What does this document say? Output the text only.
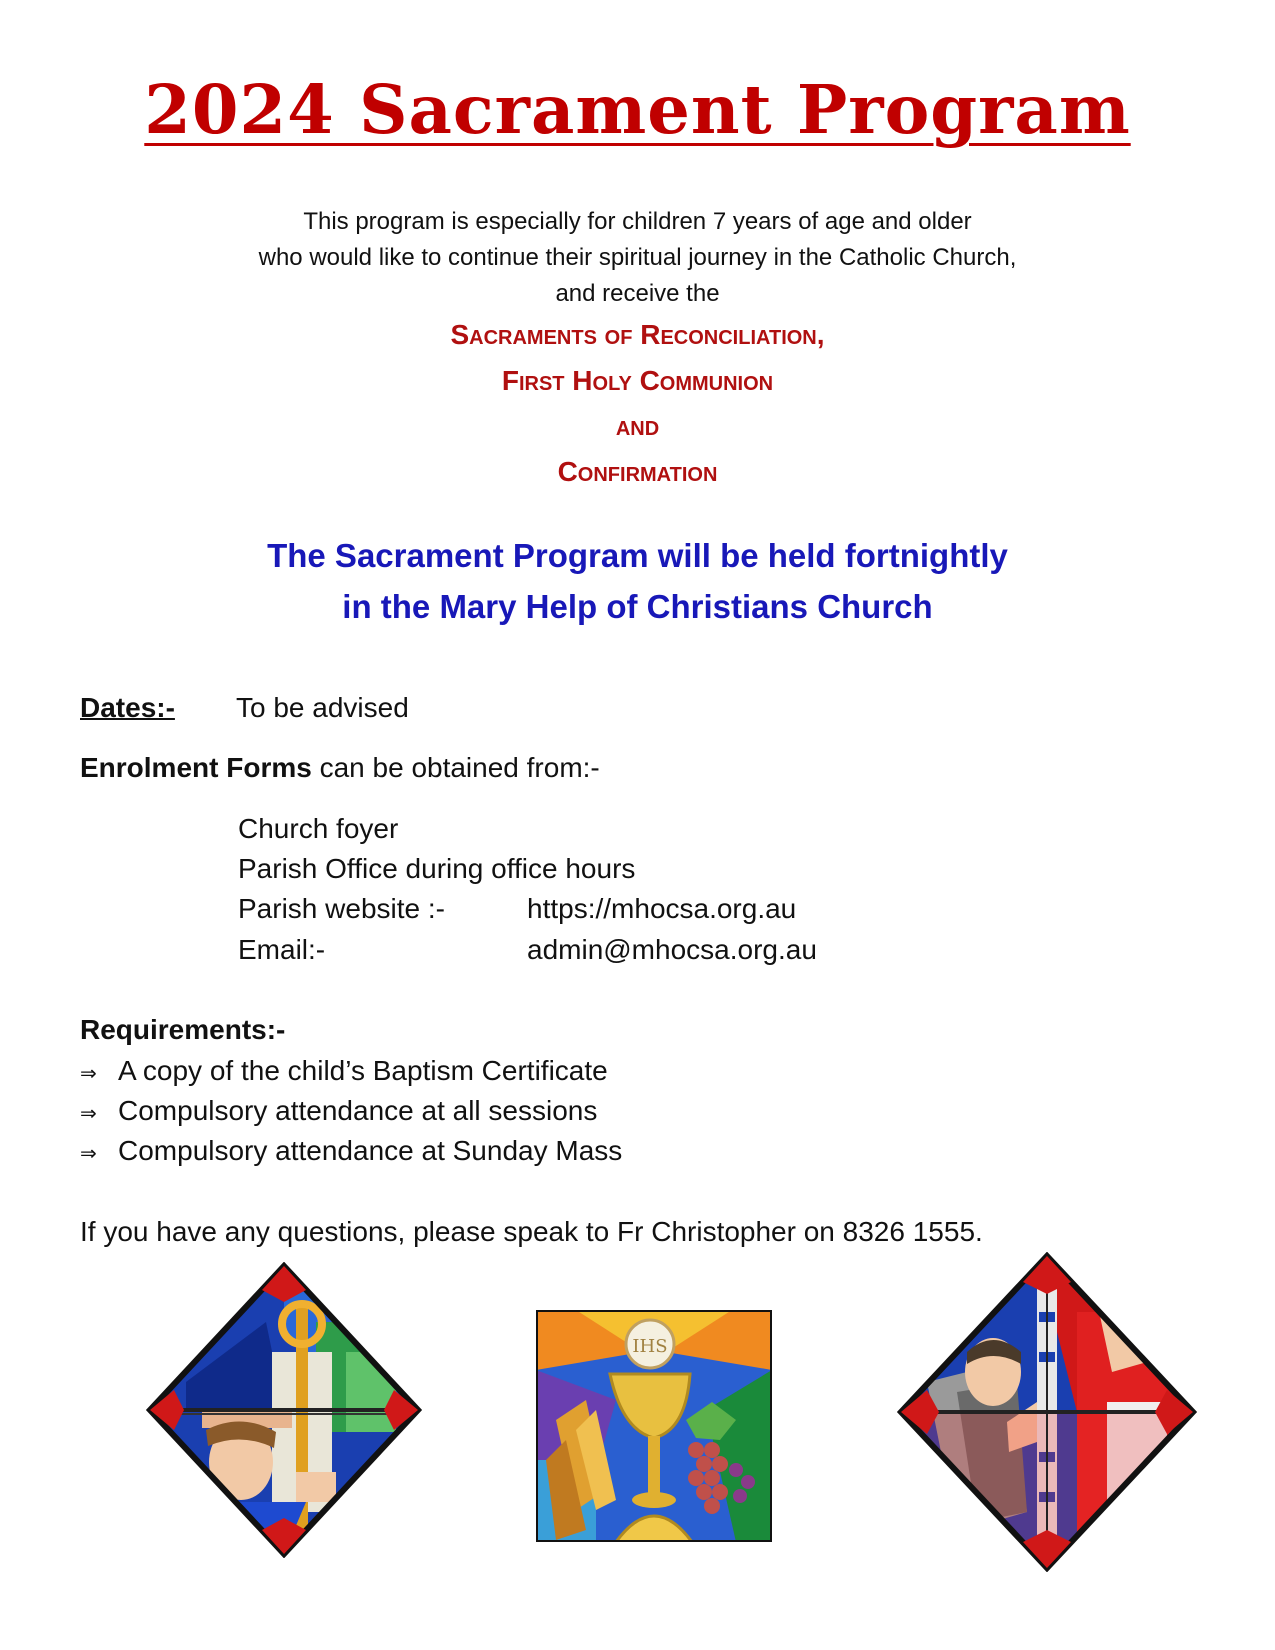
2024 Sacrament Program
This program is especially for children 7 years of age and older
who would like to continue their spiritual journey in the Catholic Church,
and receive the
Sacraments of Reconciliation,
First Holy Communion
and
Confirmation
The Sacrament Program will be held fortnightly
in the Mary Help of Christians Church
Dates:- To be advised
Enrolment Forms can be obtained from:-
Church foyer
Parish Office during office hours
Parish website :-	https://mhocsa.org.au
Email:-	admin@mhocsa.org.au
Requirements:-
⇒ A copy of the child’s Baptism Certificate
⇒ Compulsory attendance at all sessions
⇒ Compulsory attendance at Sunday Mass
If you have any questions, please speak to Fr Christopher on 8326 1555.
IHS
